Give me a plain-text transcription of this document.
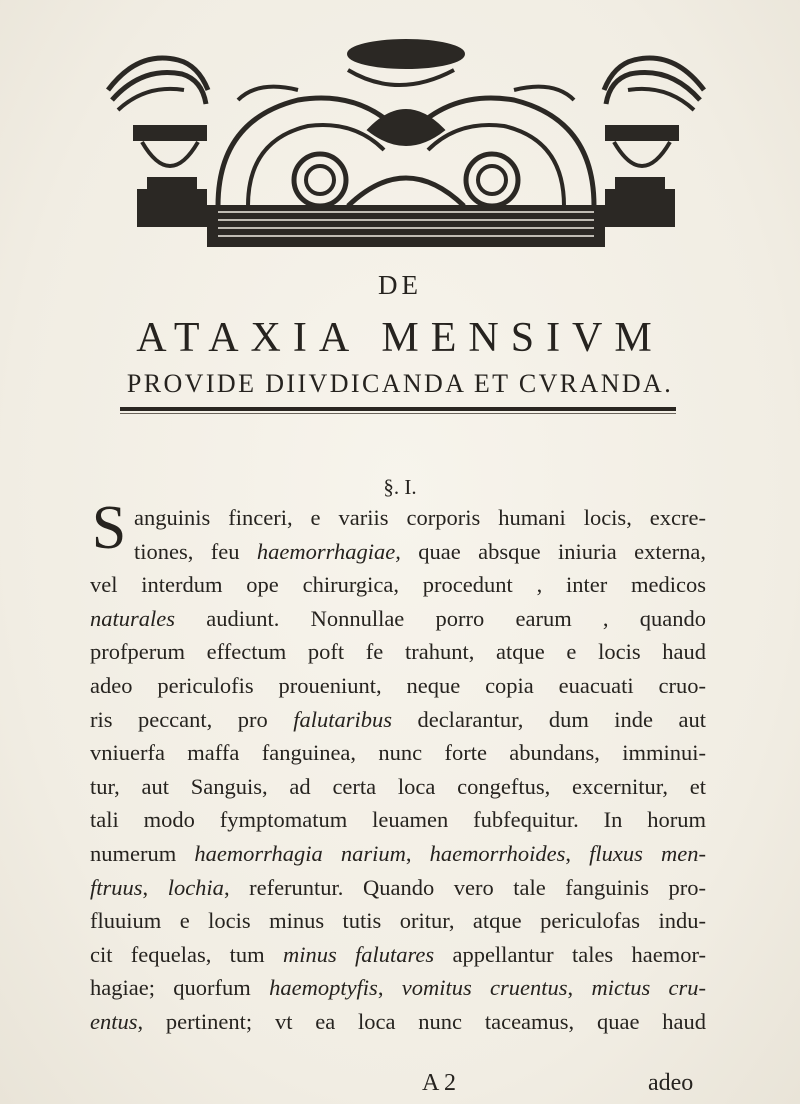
DE
ATAXIA MENSIVM
PROVIDE DIIVDICANDA ET CVRANDA.
§. I.
S anguinis finceri, e variis corporis humani locis, excre-
tiones, feu haemorrhagiae, quae absque iniuria externa,
vel interdum ope chirurgica, procedunt , inter medicos
naturales audiunt. Nonnullae porro earum , quando
profperum effectum poft fe trahunt, atque e locis haud
adeo periculofis proueniunt, neque copia euacuati cruo-
ris peccant, pro falutaribus declarantur, dum inde aut
vniuerfa maffa fanguinea, nunc forte abundans, imminui-
tur, aut Sanguis, ad certa loca congeftus, excernitur, et
tali modo fymptomatum leuamen fubfequitur. In horum
numerum haemorrhagia narium, haemorrhoides, fluxus men-
ftruus, lochia, referuntur. Quando vero tale fanguinis pro-
fluuium e locis minus tutis oritur, atque periculofas indu-
cit fequelas, tum minus falutares appellantur tales haemor-
hagiae; quorfum haemoptyfis, vomitus cruentus, mictus cru-
entus, pertinent; vt ea loca nunc taceamus, quae haud
A 2	adeo
